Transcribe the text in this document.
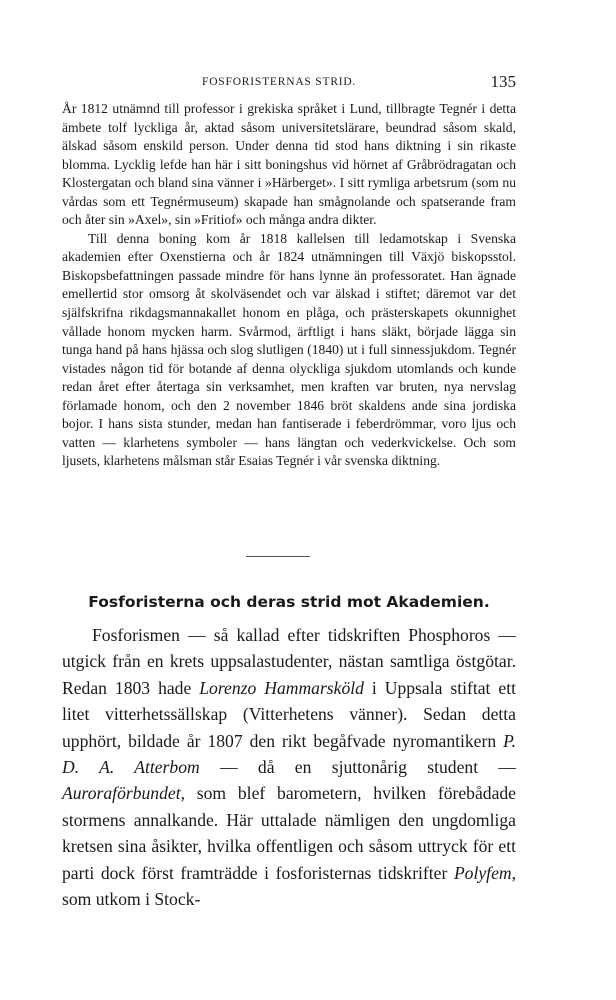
FOSFORISTERNAS STRID.	135

År 1812 utnämnd till professor i grekiska språket i Lund, tillbragte Tegnér i detta ämbete tolf lyckliga år, aktad såsom universitetslärare, beundrad såsom skald, älskad såsom enskild person. Under denna tid stod hans diktning i sin rikaste blomma. Lycklig lefde han här i sitt boningshus vid hörnet af Gråbrödragatan och Klostergatan och bland sina vänner i »Härberget». I sitt rymliga arbetsrum (som nu vårdas som ett Tegnérmuseum) skapade han smågnolande och spatserande fram och åter sin »Axel», sin »Fritiof» och många andra dikter.

Till denna boning kom år 1818 kallelsen till ledamotskap i Svenska akademien efter Oxenstierna och år 1824 utnämningen till Växjö biskopsstol. Biskopsbefattningen passade mindre för hans lynne än professoratet. Han ägnade emellertid stor omsorg åt skolväsendet och var älskad i stiftet; däremot var det själfskrifna rikdagsmannakallet honom en plåga, och prästerskapets okunnighet vållade honom mycken harm. Svårmod, ärftligt i hans släkt, började lägga sin tunga hand på hans hjässa och slog slutligen (1840) ut i full sinnessjukdom. Tegnér vistades någon tid för botande af denna olyckliga sjukdom utomlands och kunde redan året efter återtaga sin verksamhet, men kraften var bruten, nya nervslag förlamade honom, och den 2 november 1846 bröt skaldens ande sina jordiska bojor. I hans sista stunder, medan han fantiserade i feberdrömmar, voro ljus och vatten — klarhetens symboler — hans längtan och vederkvickelse. Och som ljusets, klarhetens målsman står Esaias Tegnér i vår svenska diktning.

Fosforisterna och deras strid mot Akademien.

Fosforismen — så kallad efter tidskriften Phosphoros — utgick från en krets uppsalastudenter, nästan samtliga östgötar. Redan 1803 hade Lorenzo Hammarsköld i Uppsala stiftat ett litet vitterhetssällskap (Vitterhetens vänner). Sedan detta upphört, bildade år 1807 den rikt begåfvade nyromantikern P. D. A. Atterbom — då en sjuttonårig student — Auroraförbundet, som blef barometern, hvilken förebådade stormens annalkande. Här uttalade nämligen den ungdomliga kretsen sina åsikter, hvilka offentligen och såsom uttryck för ett parti dock först framträdde i fosforisternas tidskrifter Polyfem, som utkom i Stock-
